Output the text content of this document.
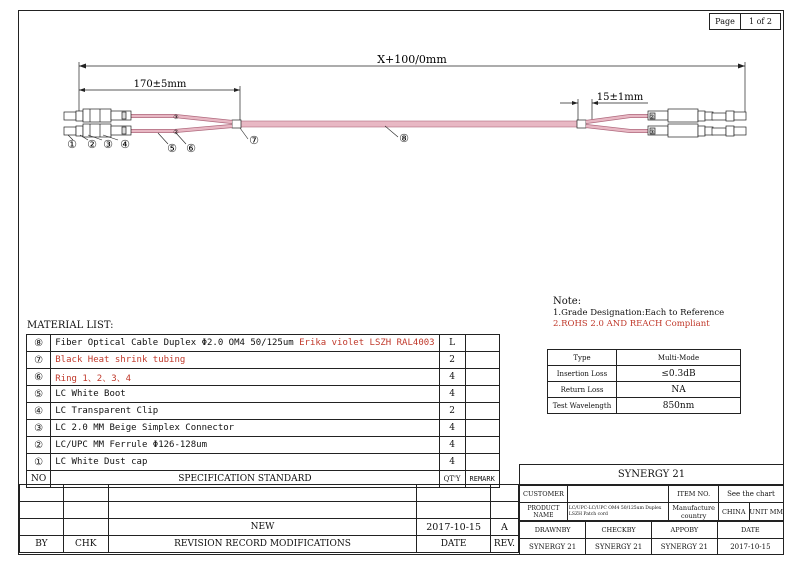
Page	1 of 2
X+100/0mm
170±5mm
15±1mm
① ② ③ ④	⑤ ⑥
⑦	⑧
③
②
②
③
Note:
1.Grade Designation:Each to Reference
2.ROHS 2.0 AND REACH Compliant
Type	Multi-Mode
Insertion Loss	≤0.3dB
Return Loss	NA
Test Wavelength	850nm
MATERIAL LIST:
⑧	Fiber Optical Cable Duplex Φ2.0 OM4 50/125um Erika violet LSZH RAL4003	L	
⑦	Black Heat shrink tubing	2	
⑥	Ring 1、2、3、4	4	
⑤	LC White Boot	4	
④	LC Transparent Clip	2	
③	LC 2.0 MM Beige Simplex Connector	4	
②	LC/UPC MM Ferrule Φ126-128um	4	
①	LC White Dust cap	4	
NO	SPECIFICATION STANDARD	QT'Y	REMARK

		NEW	2017-10-15	A
BY	CHK	REVISION RECORD MODIFICATIONS	DATE	REV.
SYNERGY 21
CUSTOMER		ITEM NO.	See the chart	
PRODUCT NAME	LC/UPC-LC/UPC OM4 50/125um Duplex LSZH Patch cord	Manufacture country	CHINA	UNIT MM
DRAWNBY	CHECKBY	APPOBY	DATE
SYNERGY 21	SYNERGY 21	SYNERGY 21	2017-10-15
